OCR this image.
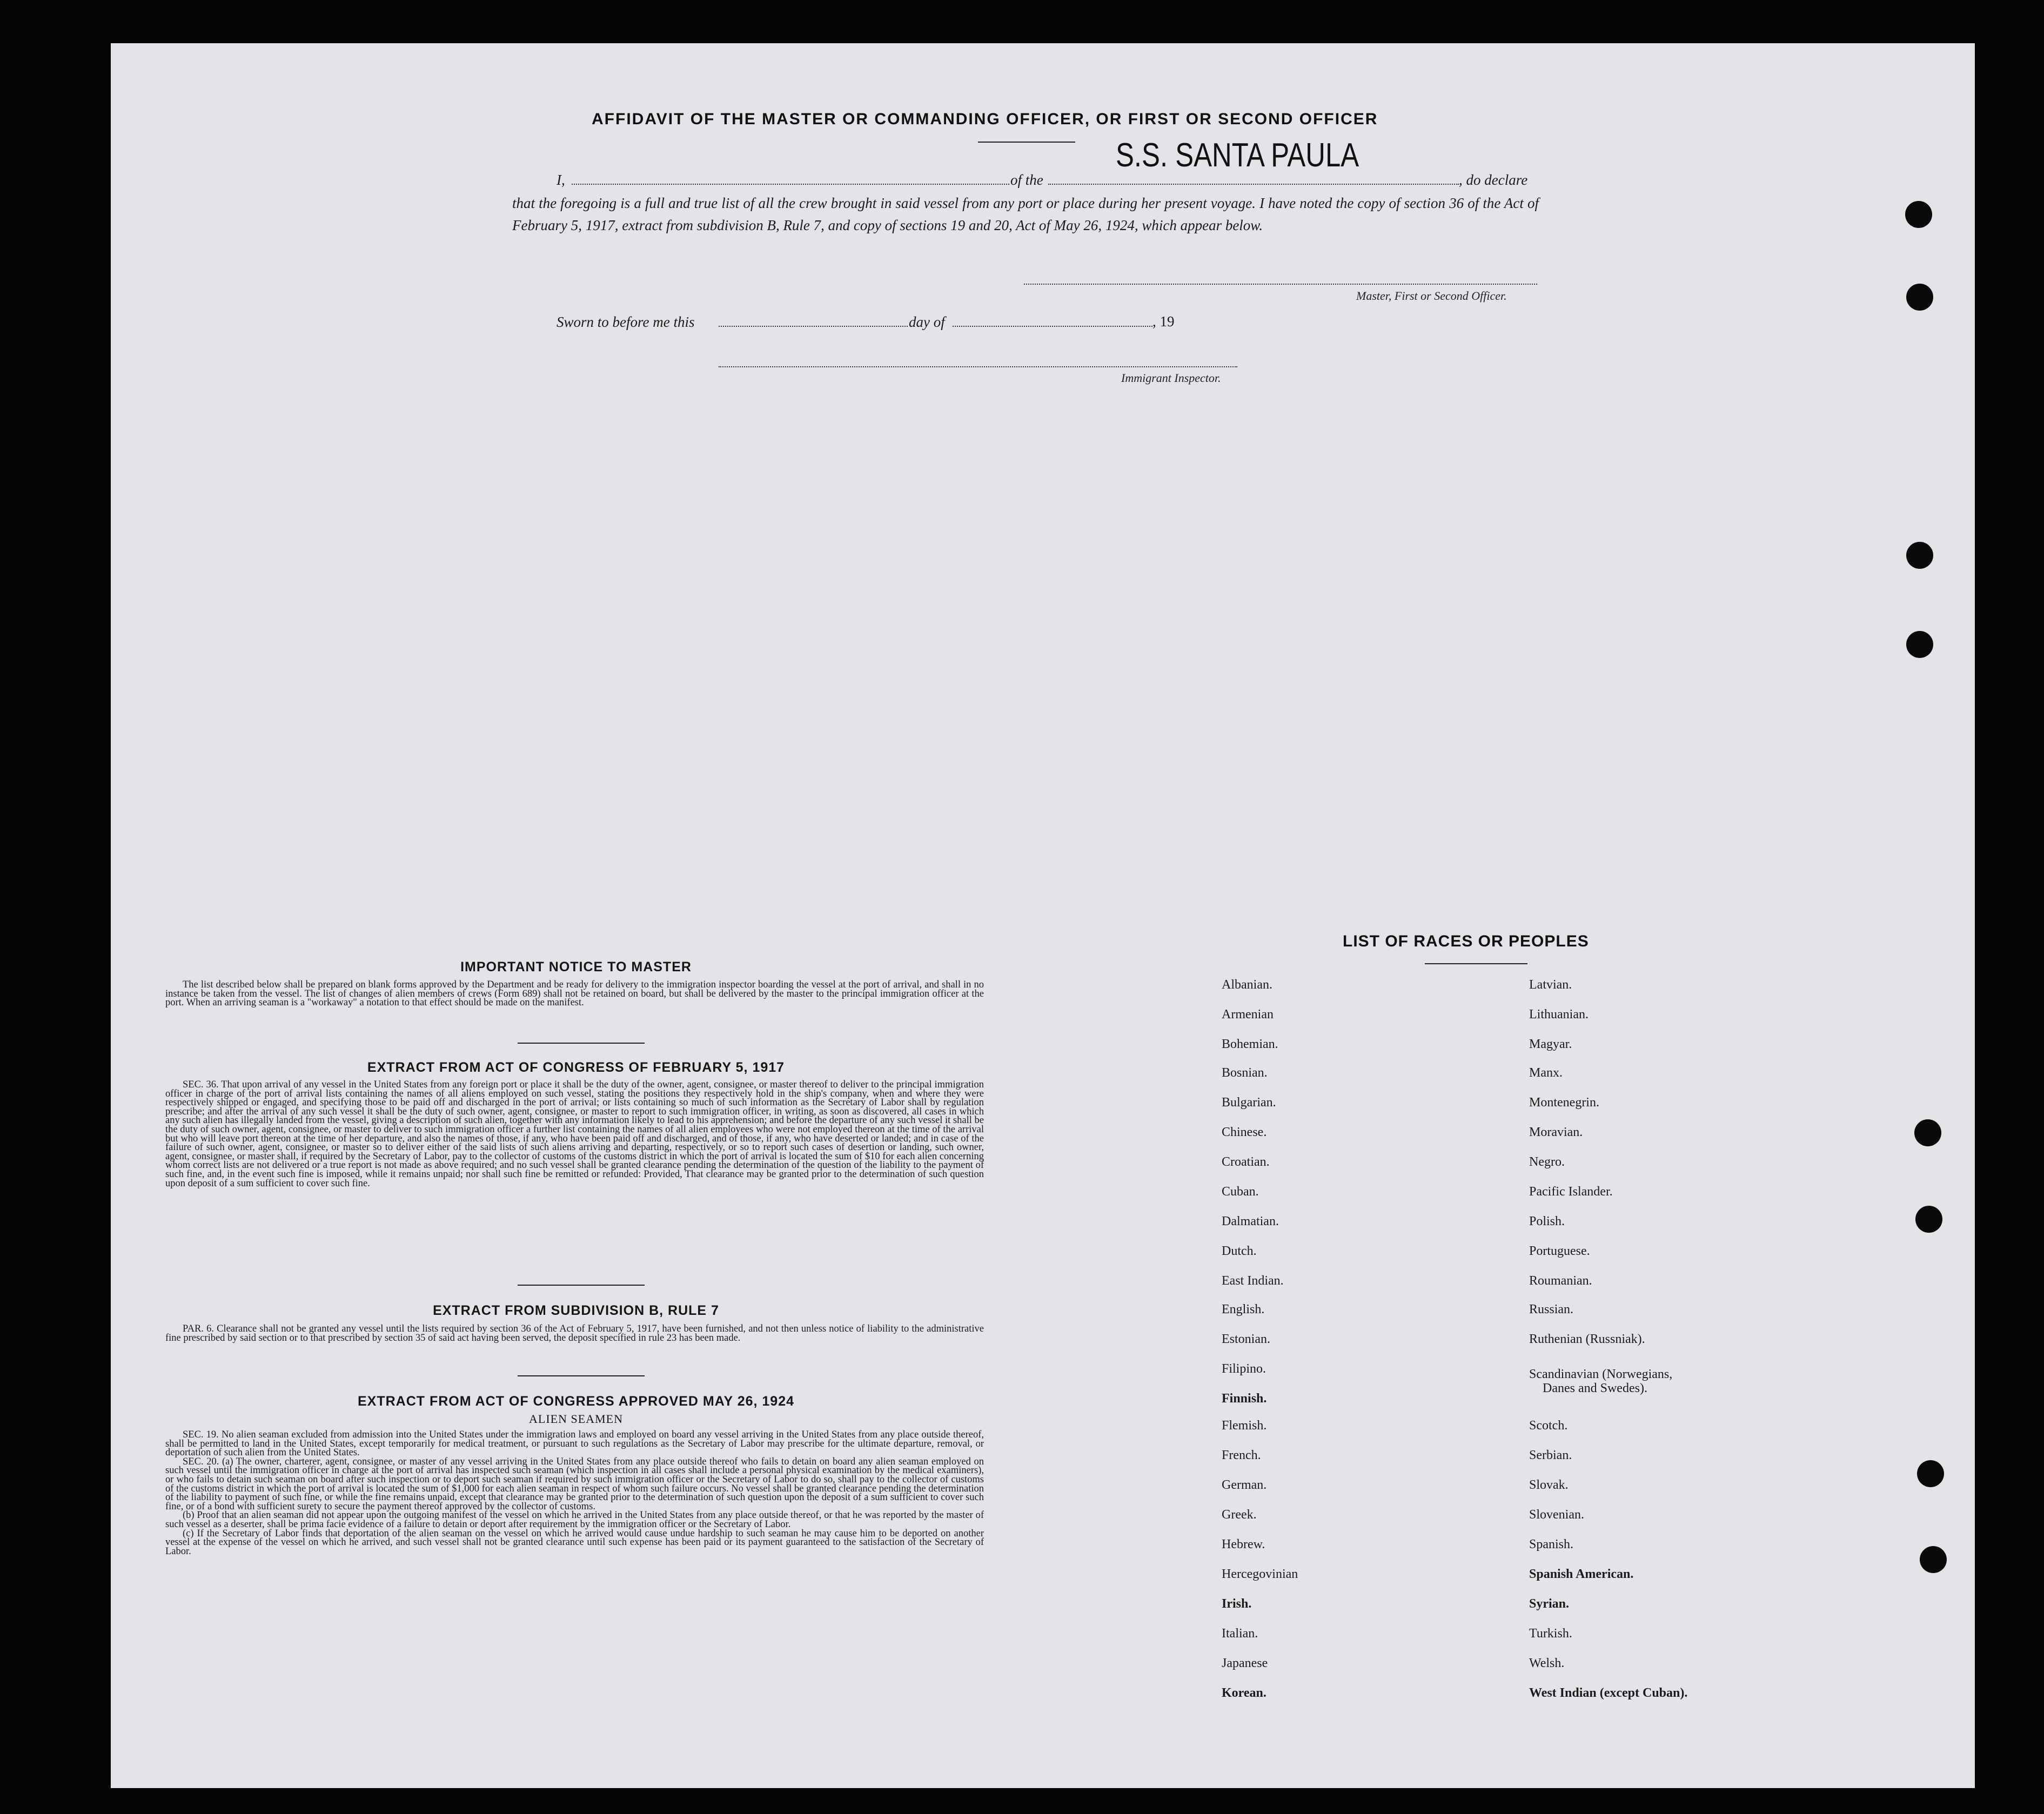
AFFIDAVIT OF THE MASTER OR COMMANDING OFFICER, OR FIRST OR SECOND OFFICER
I,	of the
S.S. SANTA PAULA
, do declare
that the foregoing is a full and true list of all the crew brought in said vessel from any port or place during her present voyage. I have noted the copy of section 36 of the Act of February 5, 1917, extract from subdivision B, Rule 7, and copy of sections 19 and 20, Act of May 26, 1924, which appear below.
Master, First or Second Officer.
Sworn to before me this	day of	, 19
Immigrant Inspector.
IMPORTANT NOTICE TO MASTER

The list described below shall be prepared on blank forms approved by the Department and be ready for delivery to the immigration inspector boarding the vessel at the port of arrival, and shall in no instance be taken from the vessel. The list of changes of alien members of crews (Form 689) shall not be retained on board, but shall be delivered by the master to the principal immigration officer at the port. When an arriving seaman is a "workaway" a notation to that effect should be made on the manifest.

EXTRACT FROM ACT OF CONGRESS OF FEBRUARY 5, 1917

SEC. 36. That upon arrival of any vessel in the United States from any foreign port or place it shall be the duty of the owner, agent, consignee, or master thereof to deliver to the principal immigration officer in charge of the port of arrival lists containing the names of all aliens employed on such vessel, stating the positions they respectively hold in the ship's company, when and where they were respectively shipped or engaged, and specifying those to be paid off and discharged in the port of arrival; or lists containing so much of such information as the Secretary of Labor shall by regulation prescribe; and after the arrival of any such vessel it shall be the duty of such owner, agent, consignee, or master to report to such immigration officer, in writing, as soon as discovered, all cases in which any such alien has illegally landed from the vessel, giving a description of such alien, together with any information likely to lead to his apprehension; and before the departure of any such vessel it shall be the duty of such owner, agent, consignee, or master to deliver to such immigration officer a further list containing the names of all alien employees who were not employed thereon at the time of the arrival but who will leave port thereon at the time of her departure, and also the names of those, if any, who have been paid off and discharged, and of those, if any, who have deserted or landed; and in case of the failure of such owner, agent, consignee, or master so to deliver either of the said lists of such aliens arriving and departing, respectively, or so to report such cases of desertion or landing, such owner, agent, consignee, or master shall, if required by the Secretary of Labor, pay to the collector of customs of the customs district in which the port of arrival is located the sum of $10 for each alien concerning whom correct lists are not delivered or a true report is not made as above required; and no such vessel shall be granted clearance pending the determination of the question of the liability to the payment of such fine, and, in the event such fine is imposed, while it remains unpaid; nor shall such fine be remitted or refunded: Provided, That clearance may be granted prior to the determination of such question upon deposit of a sum sufficient to cover such fine.

EXTRACT FROM SUBDIVISION B, RULE 7

PAR. 6. Clearance shall not be granted any vessel until the lists required by section 36 of the Act of February 5, 1917, have been furnished, and not then unless notice of liability to the administrative fine prescribed by said section or to that prescribed by section 35 of said act having been served, the deposit specified in rule 23 has been made.

EXTRACT FROM ACT OF CONGRESS APPROVED MAY 26, 1924
ALIEN SEAMEN

SEC. 19. No alien seaman excluded from admission into the United States under the immigration laws and employed on board any vessel arriving in the United States from any place outside thereof, shall be permitted to land in the United States, except temporarily for medical treatment, or pursuant to such regulations as the Secretary of Labor may prescribe for the ultimate departure, removal, or deportation of such alien from the United States.

SEC. 20. (a) The owner, charterer, agent, consignee, or master of any vessel arriving in the United States from any place outside thereof who fails to detain on board any alien seaman employed on such vessel until the immigration officer in charge at the port of arrival has inspected such seaman (which inspection in all cases shall include a personal physical examination by the medical examiners), or who fails to detain such seaman on board after such inspection or to deport such seaman if required by such immigration officer or the Secretary of Labor to do so, shall pay to the collector of customs of the customs district in which the port of arrival is located the sum of $1,000 for each alien seaman in respect of whom such failure occurs. No vessel shall be granted clearance pending the determination of the liability to payment of such fine, or while the fine remains unpaid, except that clearance may be granted prior to the determination of such question upon the deposit of a sum sufficient to cover such fine, or of a bond with sufficient surety to secure the payment thereof approved by the collector of customs.

(b) Proof that an alien seaman did not appear upon the outgoing manifest of the vessel on which he arrived in the United States from any place outside thereof, or that he was reported by the master of such vessel as a deserter, shall be prima facie evidence of a failure to detain or deport after requirement by the immigration officer or the Secretary of Labor.

(c) If the Secretary of Labor finds that deportation of the alien seaman on the vessel on which he arrived would cause undue hardship to such seaman he may cause him to be deported on another vessel at the expense of the vessel on which he arrived, and such vessel shall not be granted clearance until such expense has been paid or its payment guaranteed to the satisfaction of the Secretary of Labor.

LIST OF RACES OR PEOPLES
Danes and Swedes).
Albanian.
Armenian
Bohemian.
Bosnian.
Bulgarian.
Chinese.
Croatian.
Cuban.
Dalmatian.
Dutch.
East Indian.
English.
Estonian.
Filipino.
Finnish.
Flemish.
French.
German.
Greek.
Hebrew.
Hercegovinian
Irish.
Italian.
Japanese
Korean.
Latvian.
Lithuanian.
Magyar.
Manx.
Montenegrin.
Moravian.
Negro.
Pacific Islander.
Polish.
Portuguese.
Roumanian.
Russian.
Ruthenian (Russniak).
Scandinavian (Norwegians,
Scotch.
Serbian.
Slovak.
Slovenian.
Spanish.
Spanish American.
Syrian.
Turkish.
Welsh.
West Indian (except Cuban).
